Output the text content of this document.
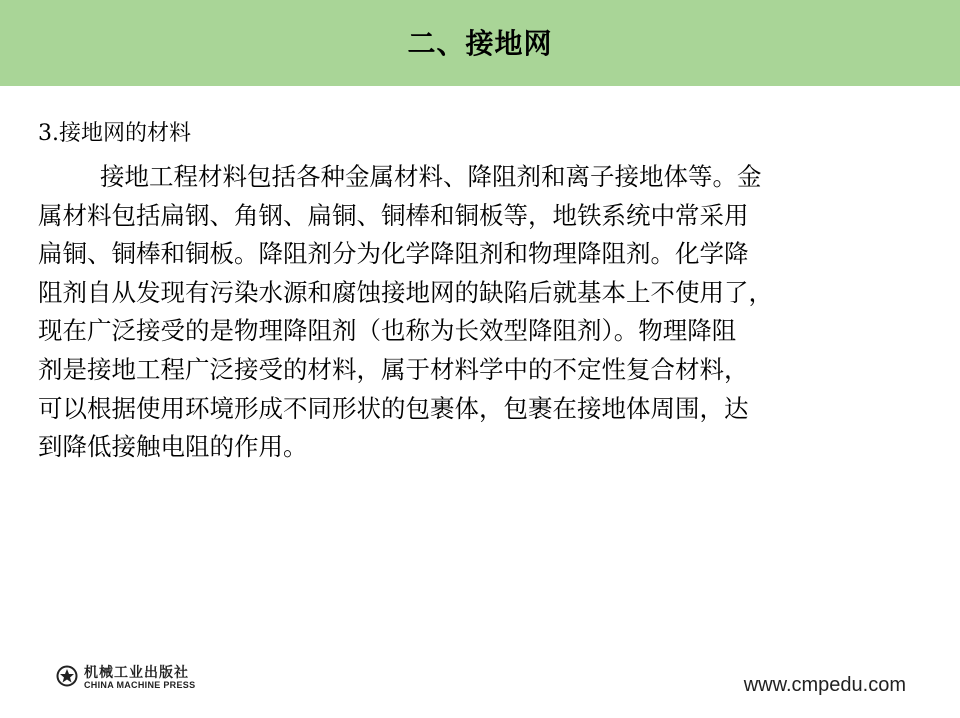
二、接地网
3.接地网的材料
接地工程材料包括各种金属材料、降阻剂和离子接地体等。金
属材料包括扁钢、角钢、扁铜、铜棒和铜板等，地铁系统中常采用
扁铜、铜棒和铜板。降阻剂分为化学降阻剂和物理降阻剂。化学降
阻剂自从发现有污染水源和腐蚀接地网的缺陷后就基本上不使用了，
现在广泛接受的是物理降阻剂（也称为长效型降阻剂）。物理降阻
剂是接地工程广泛接受的材料，属于材料学中的不定性复合材料，
可以根据使用环境形成不同形状的包裹体，包裹在接地体周围，达
到降低接触电阻的作用。
机械工业出版社
CHINA MACHINE PRESS	www.cmpedu.com
